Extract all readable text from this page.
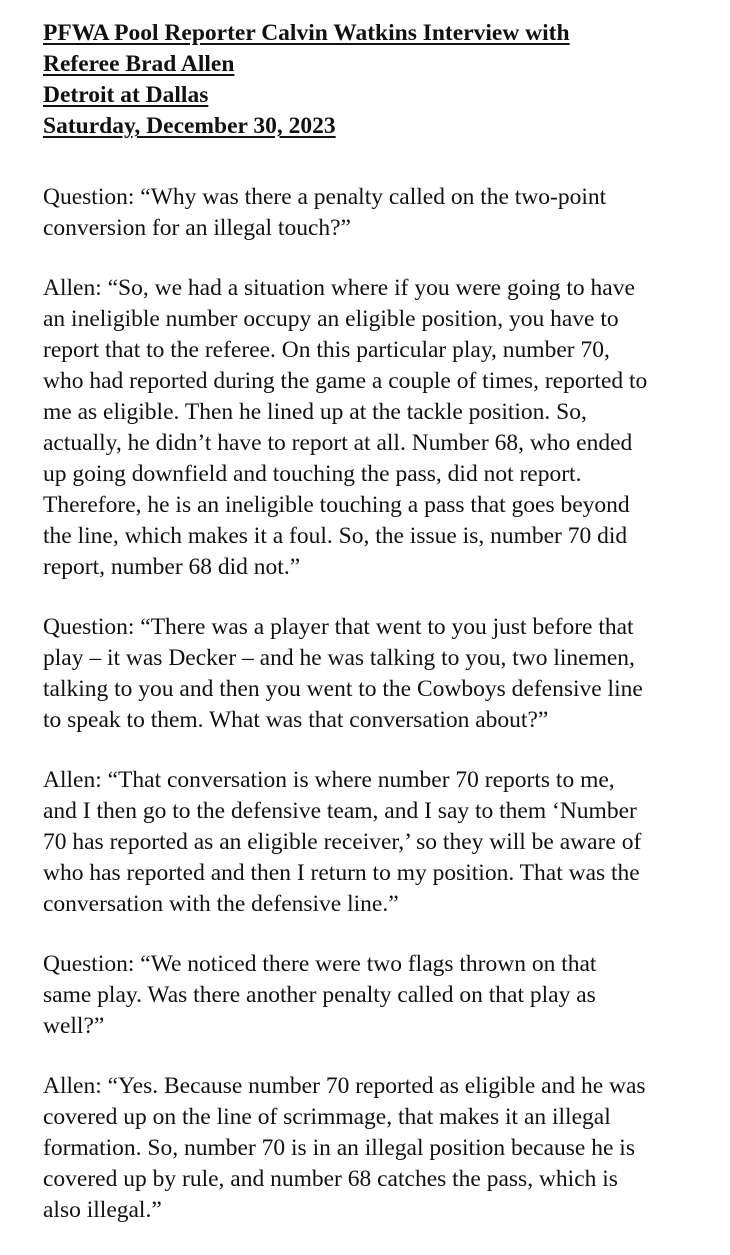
PFWA Pool Reporter Calvin Watkins Interview with
Referee Brad Allen
Detroit at Dallas
Saturday, December 30, 2023
Question: “Why was there a penalty called on the two-point
conversion for an illegal touch?”
Allen: “So, we had a situation where if you were going to have
an ineligible number occupy an eligible position, you have to
report that to the referee. On this particular play, number 70,
who had reported during the game a couple of times, reported to
me as eligible. Then he lined up at the tackle position. So,
actually, he didn’t have to report at all. Number 68, who ended
up going downfield and touching the pass, did not report.
Therefore, he is an ineligible touching a pass that goes beyond
the line, which makes it a foul. So, the issue is, number 70 did
report, number 68 did not.”
Question: “There was a player that went to you just before that
play – it was Decker – and he was talking to you, two linemen,
talking to you and then you went to the Cowboys defensive line
to speak to them. What was that conversation about?”
Allen: “That conversation is where number 70 reports to me,
and I then go to the defensive team, and I say to them ‘Number
70 has reported as an eligible receiver,’ so they will be aware of
who has reported and then I return to my position. That was the
conversation with the defensive line.”
Question: “We noticed there were two flags thrown on that
same play. Was there another penalty called on that play as
well?”
Allen: “Yes. Because number 70 reported as eligible and he was
covered up on the line of scrimmage, that makes it an illegal
formation. So, number 70 is in an illegal position because he is
covered up by rule, and number 68 catches the pass, which is
also illegal.”
